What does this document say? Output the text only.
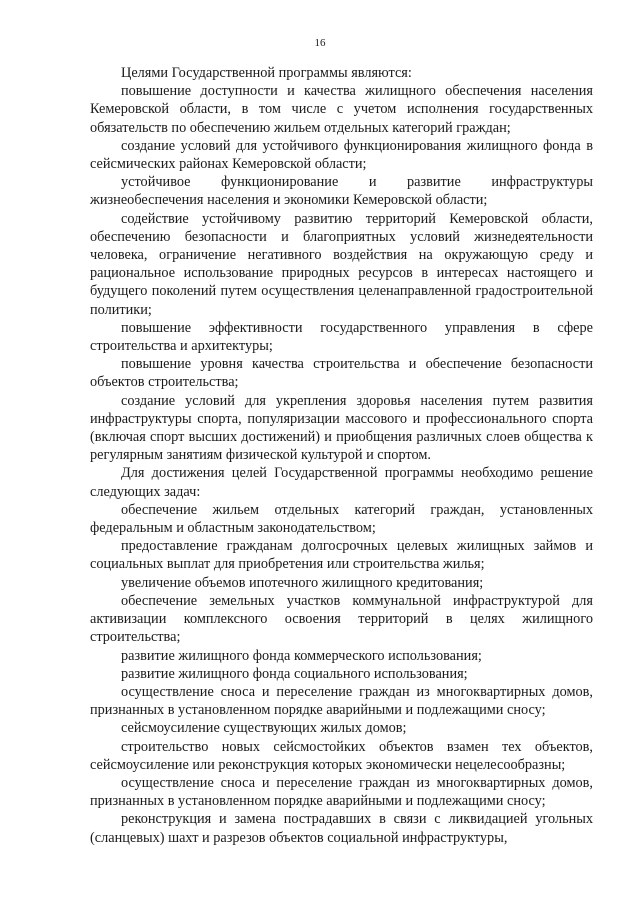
16

Целями Государственной программы являются:

повышение доступности и качества жилищного обеспечения населения Кемеровской области, в том числе с учетом исполнения государственных обязательств по обеспечению жильем отдельных категорий граждан;

создание условий для устойчивого функционирования жилищного фонда в сейсмических районах Кемеровской области;

устойчивое функционирование и развитие инфраструктуры жизнеобеспечения населения и экономики Кемеровской области;

содействие устойчивому развитию территорий Кемеровской области, обеспечению безопасности и благоприятных условий жизнедеятельности человека, ограничение негативного воздействия на окружающую среду и рациональное использование природных ресурсов в интересах настоящего и будущего поколений путем осуществления целенаправленной градостроительной политики;

повышение эффективности государственного управления в сфере строительства и архитектуры;

повышение уровня качества строительства и обеспечение безопасности объектов строительства;

создание условий для укрепления здоровья населения путем развития инфраструктуры спорта, популяризации массового и профессионального спорта (включая спорт высших достижений) и приобщения различных слоев общества к регулярным занятиям физической культурой и спортом.

Для достижения целей Государственной программы необходимо решение следующих задач:

обеспечение жильем отдельных категорий граждан, установленных федеральным и областным законодательством;

предоставление гражданам долгосрочных целевых жилищных займов и социальных выплат для приобретения или строительства жилья;

увеличение объемов ипотечного жилищного кредитования;

обеспечение земельных участков коммунальной инфраструктурой для активизации комплексного освоения территорий в целях жилищного строительства;

развитие жилищного фонда коммерческого использования;

развитие жилищного фонда социального использования;

осуществление сноса и переселение граждан из многоквартирных домов, признанных в установленном порядке аварийными и подлежащими сносу;

сейсмоусиление существующих жилых домов;

строительство новых сейсмостойких объектов взамен тех объектов, сейсмоусиление или реконструкция которых экономически нецелесообразны;

осуществление сноса и переселение граждан из многоквартирных домов, признанных в установленном порядке аварийными и подлежащими сносу;

реконструкция и замена пострадавших в связи с ликвидацией угольных (сланцевых) шахт и разрезов объектов социальной инфраструктуры,
